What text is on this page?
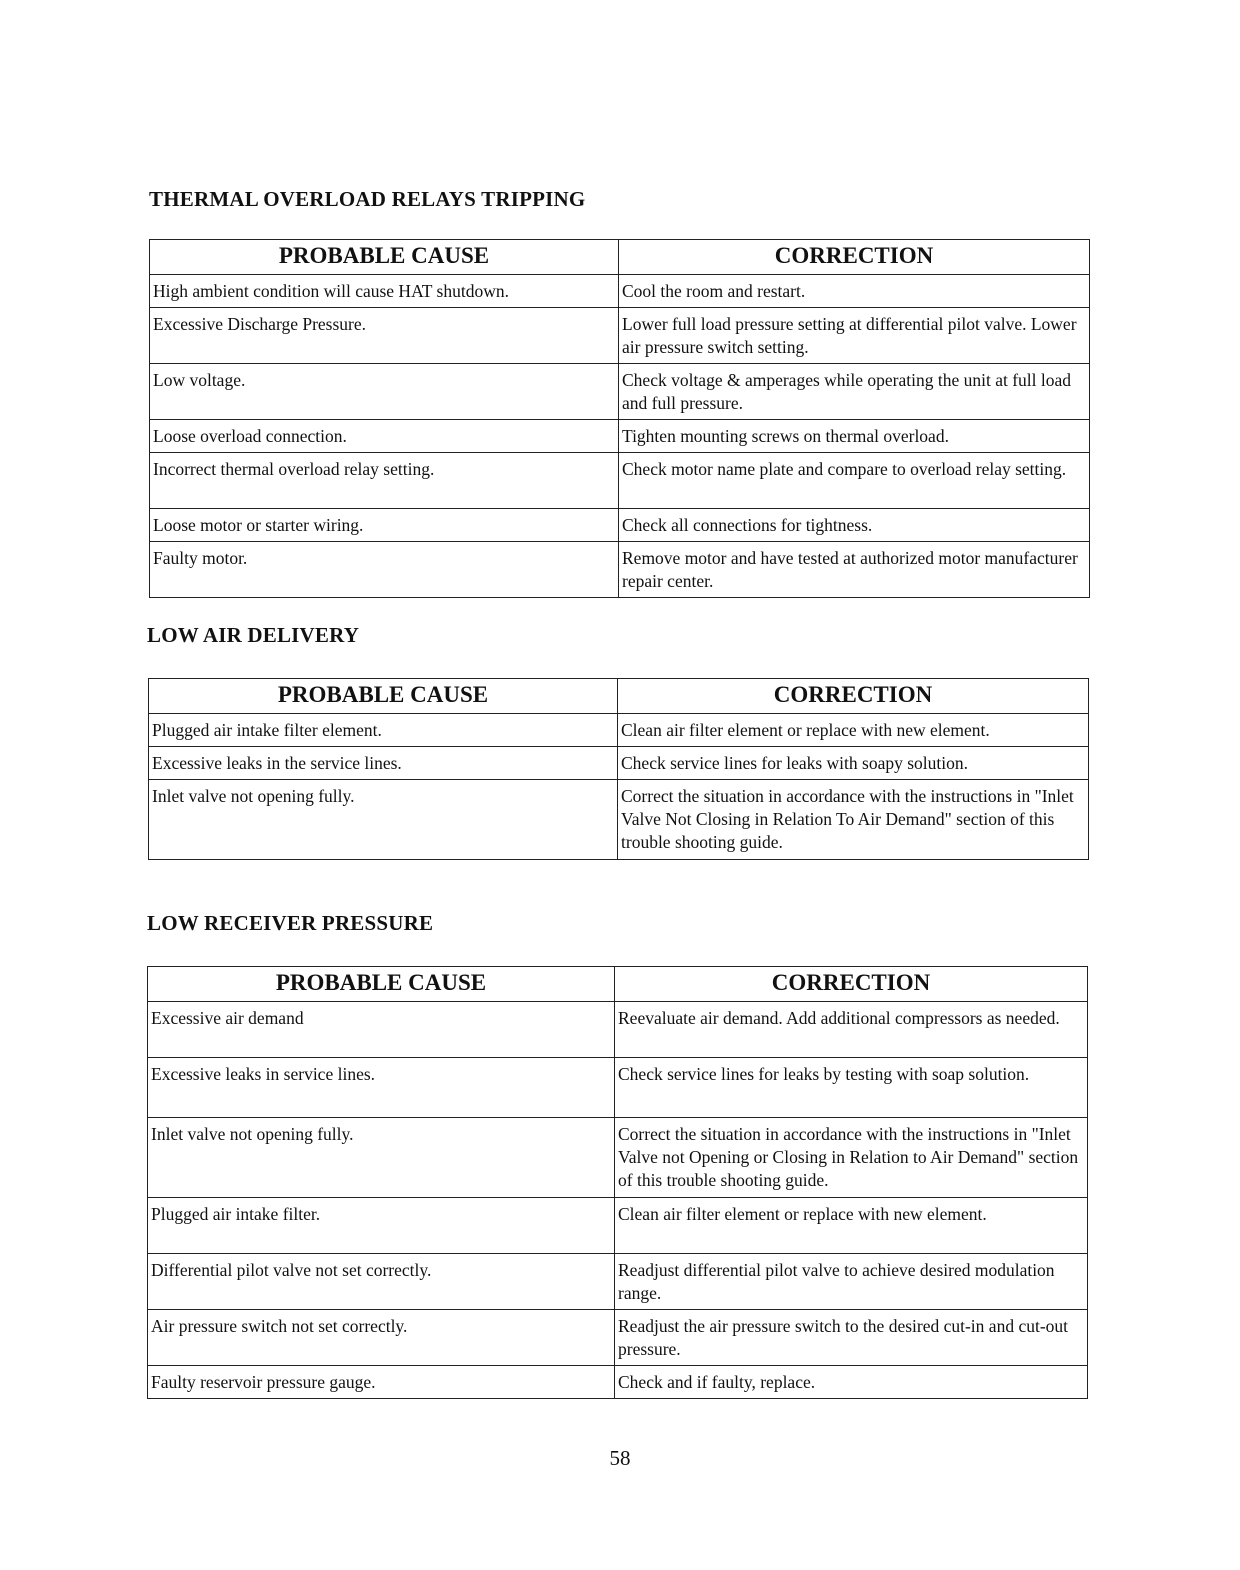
THERMAL OVERLOAD RELAYS TRIPPING
PROBABLE CAUSE	CORRECTION
High ambient condition will cause HAT shutdown.	Cool the room and restart.
Excessive Discharge Pressure.	Lower full load pressure setting at differential pilot valve. Lower air pressure switch setting.
Low voltage.	Check voltage & amperages while operating the unit at full load and full pressure.
Loose overload connection.	Tighten mounting screws on thermal overload.
Incorrect thermal overload relay setting.	Check motor name plate and compare to overload relay setting.
Loose motor or starter wiring.	Check all connections for tightness.
Faulty motor.	Remove motor and have tested at authorized motor manufacturer repair center.
LOW AIR DELIVERY
PROBABLE CAUSE	CORRECTION
Plugged air intake filter element.	Clean air filter element or replace with new element.
Excessive leaks in the service lines.	Check service lines for leaks with soapy solution.
Inlet valve not opening fully.	Correct the situation in accordance with the instructions in "Inlet Valve Not Closing in Relation To Air Demand" section of this trouble shooting guide.
LOW RECEIVER PRESSURE
PROBABLE CAUSE	CORRECTION
Excessive air demand	Reevaluate air demand. Add additional compressors as needed.
Excessive leaks in service lines.	Check service lines for leaks by testing with soap solution.
Inlet valve not opening fully.	Correct the situation in accordance with the instructions in "Inlet Valve not Opening or Closing in Relation to Air Demand" section of this trouble shooting guide.
Plugged air intake filter.	Clean air filter element or replace with new element.
Differential pilot valve not set correctly.	Readjust differential pilot valve to achieve desired modulation range.
Air pressure switch not set correctly.	Readjust the air pressure switch to the desired cut-in and cut-out pressure.
Faulty reservoir pressure gauge.	Check and if faulty, replace.

58
